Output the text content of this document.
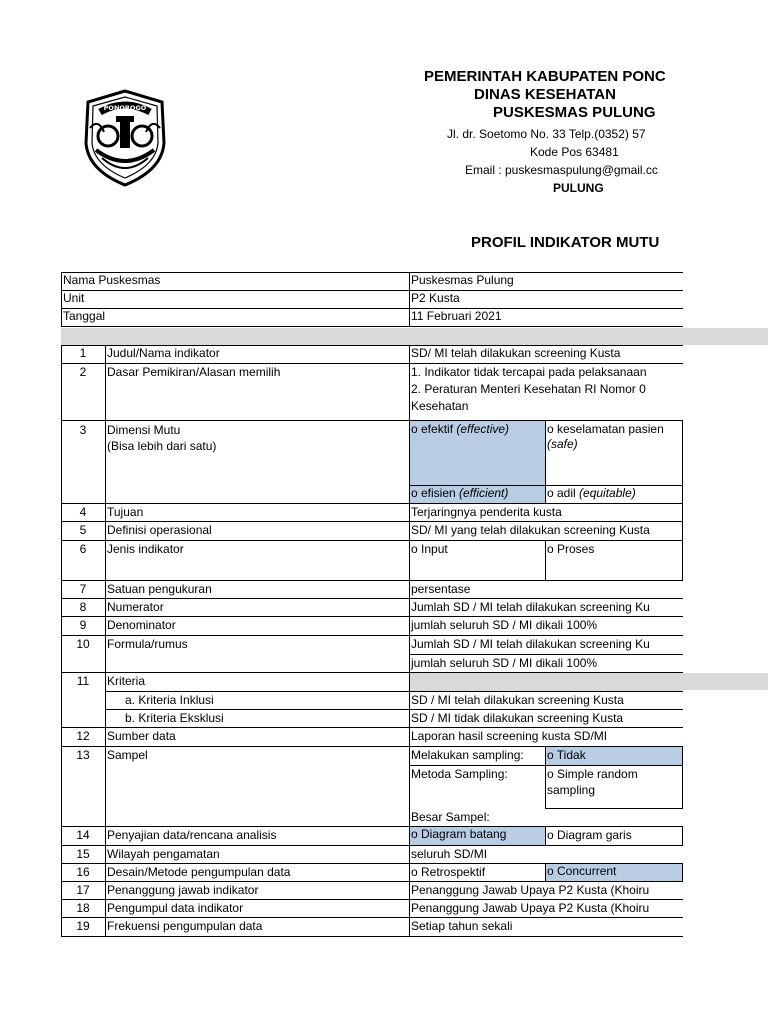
PONOROGO
PEMERINTAH KABUPATEN PONC
DINAS KESEHATAN
PUSKESMAS PULUNG
Jl. dr. Soetomo No. 33 Telp.(0352) 57
Kode Pos 63481
Email : puskesmaspulung@gmail.cc
PULUNG
PROFIL INDIKATOR MUTU
Nama Puskesmas	Puskesmas Pulung
Unit	P2 Kusta
Tanggal	11 Februari 2021
1	Judul/Nama indikator	SD/ MI telah dilakukan screening Kusta
2	Dasar Pemikiran/Alasan memilih	1. Indikator tidak tercapai pada pelaksanaan
2. Peraturan Menteri Kesehatan RI Nomor 0
Kesehatan
3	Dimensi Mutu
(Bisa lebih dari satu)
o efektif (effective)	o keselamatan pasien
(safe)
o efisien (efficient)	o adil (equitable)
4	Tujuan	Terjaringnya penderita kusta
5	Definisi operasional	SD/ MI yang telah dilakukan screening Kusta
6	Jenis indikator	o Input	o Proses
7	Satuan pengukuran	persentase
8	Numerator	Jumlah SD / MI telah dilakukan screening Ku
9	Denominator	jumlah seluruh SD / MI dikali 100%
10	Formula/rumus	Jumlah SD / MI telah dilakukan screening Ku
jumlah seluruh SD / MI dikali 100%
11	Kriteria
a. Kriteria Inklusi	SD / MI telah dilakukan screening Kusta
b. Kriteria Eksklusi	SD / MI tidak dilakukan screening Kusta
12	Sumber data	Laporan hasil screening kusta SD/MI
13	Sampel	Melakukan sampling:	o Tidak
Metoda Sampling:	o Simple random
sampling
Besar Sampel:
14	Penyajian data/rencana analisis	o Diagram batang	o Diagram garis
15	Wilayah pengamatan	seluruh SD/MI
16	Desain/Metode pengumpulan data	o Retrospektif	o Concurrent
17	Penanggung jawab indikator	Penanggung Jawab Upaya P2 Kusta (Khoiru
18	Pengumpul data indikator	Penanggung Jawab Upaya P2 Kusta (Khoiru
19	Frekuensi pengumpulan data	Setiap tahun sekali
